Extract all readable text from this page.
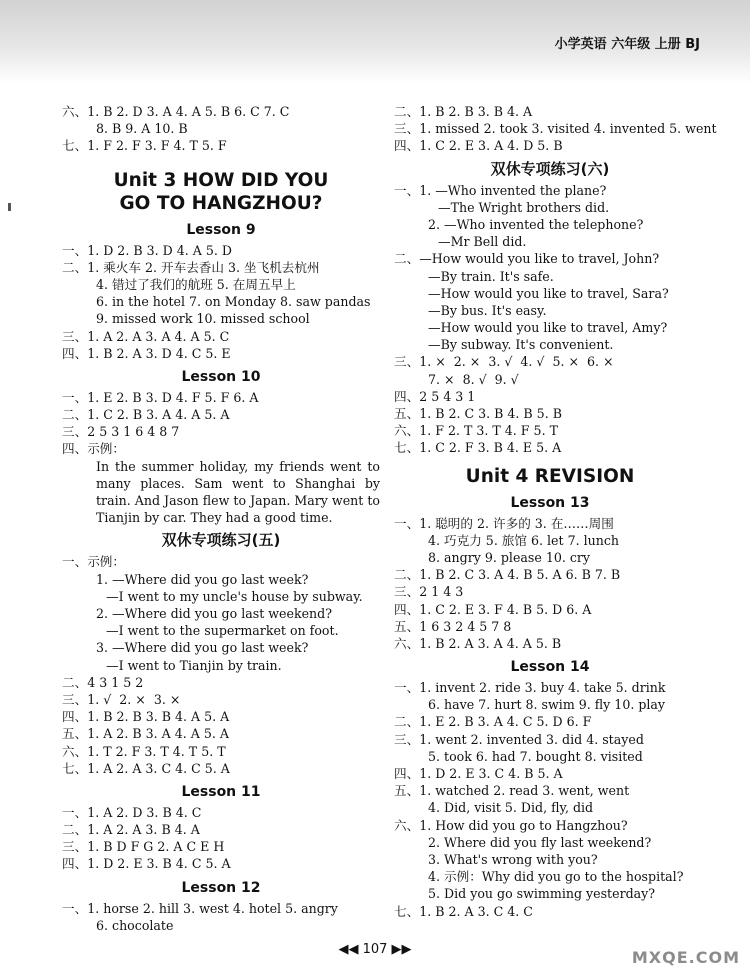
小学英语 六年级 上册 BJ
六、1. B 2. D 3. A 4. A 5. B 6. C 7. C
8. B 9. A 10. B
七、1. F 2. F 3. F 4. T 5. F
Unit 3 HOW DID YOU
GO TO HANGZHOU?
Lesson 9
一、1. D 2. B 3. D 4. A 5. D
二、1. 乘火车 2. 开车去香山 3. 坐飞机去杭州
4. 错过了我们的航班 5. 在周五早上
6. in the hotel 7. on Monday 8. saw pandas
9. missed work 10. missed school
三、1. A 2. A 3. A 4. A 5. C
四、1. B 2. A 3. D 4. C 5. E
Lesson 10
一、1. E 2. B 3. D 4. F 5. F 6. A
二、1. C 2. B 3. A 4. A 5. A
三、2 5 3 1 6 4 8 7
四、示例：
In the summer holiday, my friends went to many places. Sam went to Shanghai by train. And Jason flew to Japan. Mary went to Tianjin by car. They had a good time.
双休专项练习(五)
一、示例：
1. —Where did you go last week?
—I went to my uncle's house by subway.
2. —Where did you go last weekend?
—I went to the supermarket on foot.
3. —Where did you go last week?
—I went to Tianjin by train.
二、4 3 1 5 2
三、1. √  2. ×  3. ×
四、1. B 2. B 3. B 4. A 5. A
五、1. A 2. B 3. A 4. A 5. A
六、1. T 2. F 3. T 4. T 5. T
七、1. A 2. A 3. C 4. C 5. A
Lesson 11
一、1. A 2. D 3. B 4. C
二、1. A 2. A 3. B 4. A
三、1. B D F G 2. A C E H
四、1. D 2. E 3. B 4. C 5. A
Lesson 12
一、1. horse 2. hill 3. west 4. hotel 5. angry
6. chocolate
二、1. B 2. B 3. B 4. A
三、1. missed 2. took 3. visited 4. invented 5. went
四、1. C 2. E 3. A 4. D 5. B
双休专项练习(六)
一、1. —Who invented the plane?
—The Wright brothers did.
2. —Who invented the telephone?
—Mr Bell did.
二、—How would you like to travel, John?
—By train. It's safe.
—How would you like to travel, Sara?
—By bus. It's easy.
—How would you like to travel, Amy?
—By subway. It's convenient.
三、1. ×  2. ×  3. √  4. √  5. ×  6. ×
7. ×  8. √  9. √
四、2 5 4 3 1
五、1. B 2. C 3. B 4. B 5. B
六、1. F 2. T 3. T 4. F 5. T
七、1. C 2. F 3. B 4. E 5. A
Unit 4 REVISION
Lesson 13
一、1. 聪明的 2. 许多的 3. 在……周围
4. 巧克力 5. 旅馆 6. let 7. lunch
8. angry 9. please 10. cry
二、1. B 2. C 3. A 4. B 5. A 6. B 7. B
三、2 1 4 3
四、1. C 2. E 3. F 4. B 5. D 6. A
五、1 6 3 2 4 5 7 8
六、1. B 2. A 3. A 4. A 5. B
Lesson 14
一、1. invent 2. ride 3. buy 4. take 5. drink
6. have 7. hurt 8. swim 9. fly 10. play
二、1. E 2. B 3. A 4. C 5. D 6. F
三、1. went 2. invented 3. did 4. stayed
5. took 6. had 7. bought 8. visited
四、1. D 2. E 3. C 4. B 5. A
五、1. watched 2. read 3. went, went
4. Did, visit 5. Did, fly, did
六、1. How did you go to Hangzhou?
2. Where did you fly last weekend?
3. What's wrong with you?
4. 示例：Why did you go to the hospital?
5. Did you go swimming yesterday?
七、1. B 2. A 3. C 4. C
◀◀ 107 ▶▶	MXQE.COM
